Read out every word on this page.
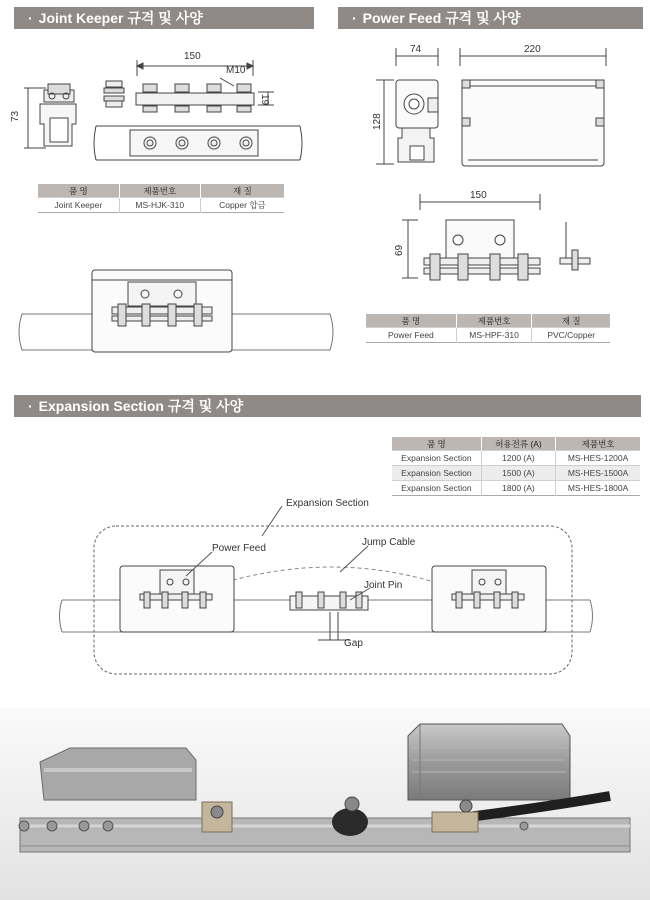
· Joint Keeper 규격 및 사양	· Power Feed 규격 및 사양
· Expansion Section 규격 및 사양
150
73
M10
19
74	220
128
150
69
Expansion Section
Power Feed
Jump Cable
Joint Pin
Gap
품 명	제품번호	재 질
Joint Keeper	MS-HJK-310	Copper 합금
품 명	제품번호	재 질
Power Feed	MS-HPF-310	PVC/Copper
품 명	허용전류 (A)	제품번호
Expansion Section	1200 (A)	MS-HES-1200A
Expansion Section	1500 (A)	MS-HES-1500A
Expansion Section	1800 (A)	MS-HES-1800A
